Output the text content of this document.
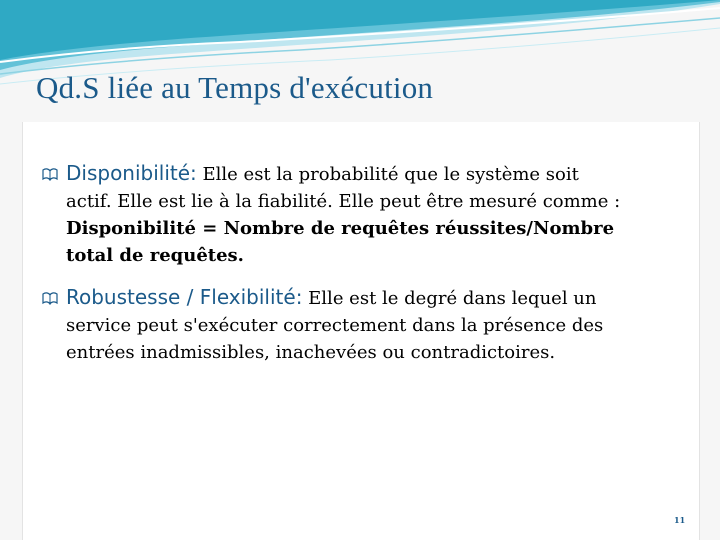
Qd.S liée au Temps d'exécution
Disponibilité: Elle est la probabilité que le système soit
actif. Elle est lie à la fiabilité. Elle peut être mesuré comme :
Disponibilité = Nombre de requêtes réussites/Nombre
total de requêtes.
Robustesse / Flexibilité: Elle est le degré dans lequel un
service peut s'exécuter correctement dans la présence des
entrées inadmissibles, inachevées ou contradictoires.
11
